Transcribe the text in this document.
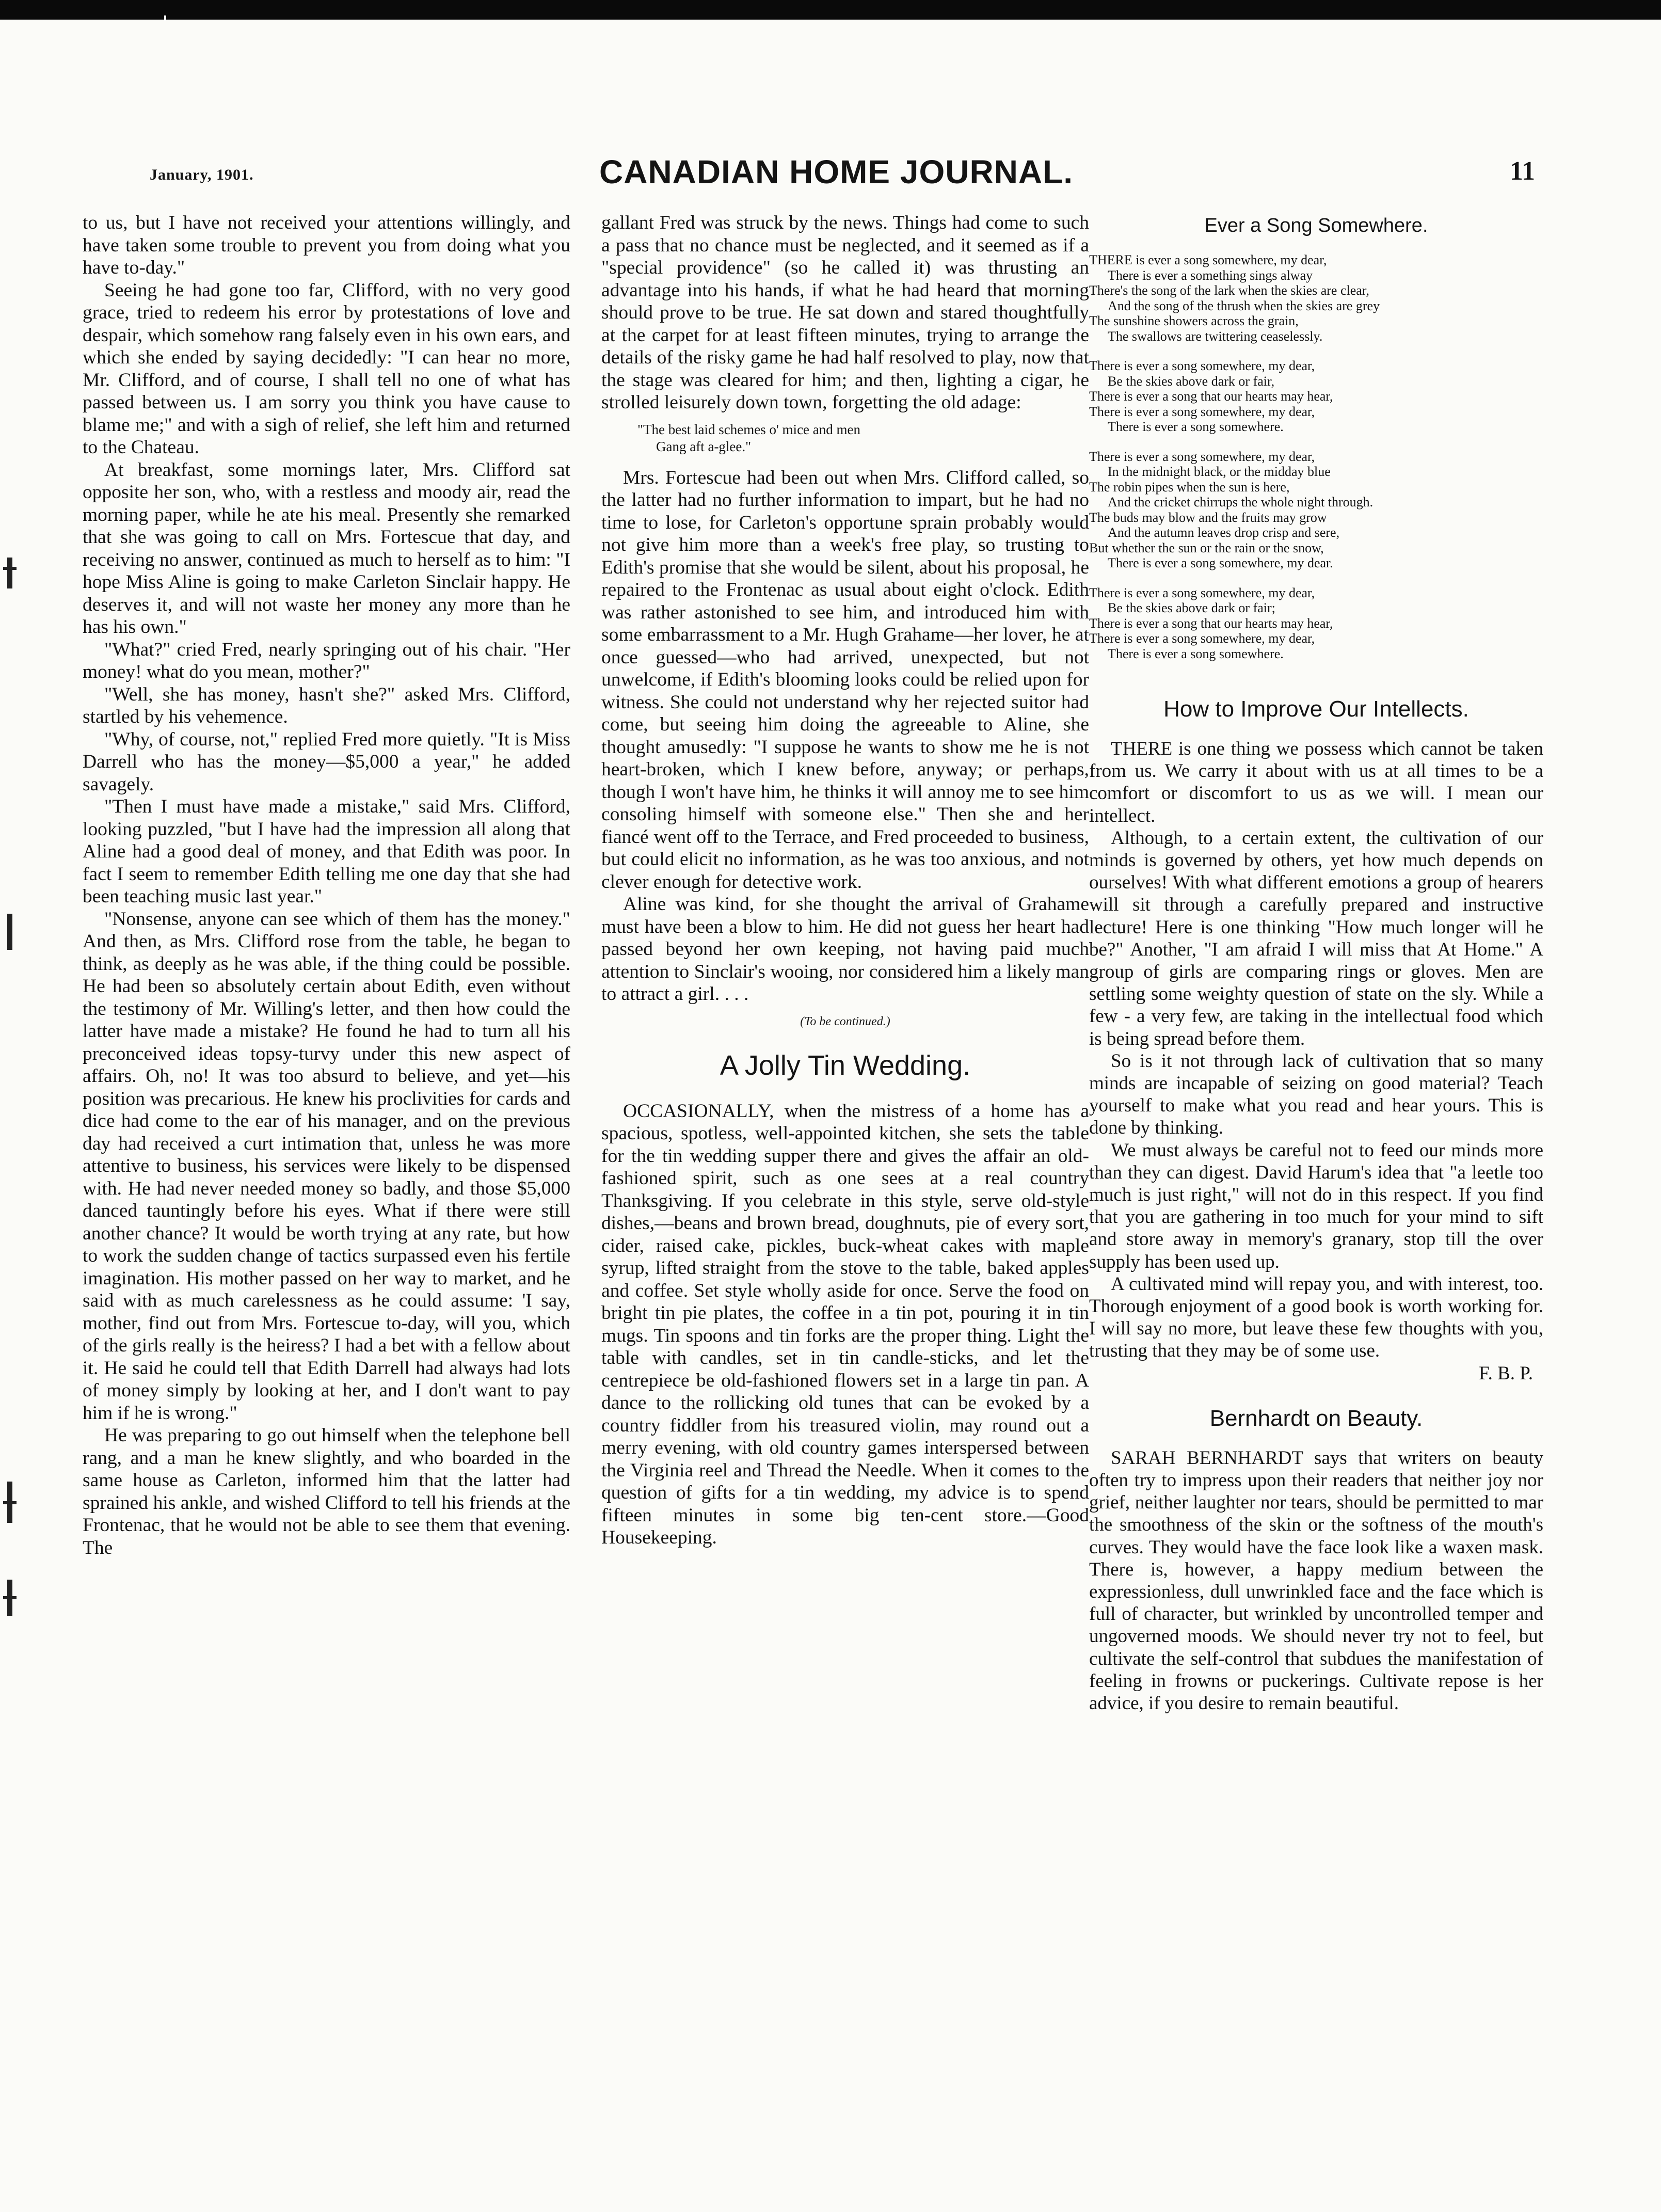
January, 1901.	CANADIAN HOME JOURNAL.	11

to us, but I have not received your attentions willingly, and have taken some trouble to prevent you from doing what you have to-day."

Seeing he had gone too far, Clifford, with no very good grace, tried to redeem his error by protestations of love and despair, which somehow rang falsely even in his own ears, and which she ended by saying decidedly: "I can hear no more, Mr. Clifford, and of course, I shall tell no one of what has passed between us. I am sorry you think you have cause to blame me;" and with a sigh of relief, she left him and returned to the Chateau.

At breakfast, some mornings later, Mrs. Clifford sat opposite her son, who, with a restless and moody air, read the morning paper, while he ate his meal. Presently she remarked that she was going to call on Mrs. Fortescue that day, and receiving no answer, continued as much to herself as to him: "I hope Miss Aline is going to make Carleton Sinclair happy. He deserves it, and will not waste her money any more than he has his own."

"What?" cried Fred, nearly springing out of his chair. "Her money! what do you mean, mother?"

"Well, she has money, hasn't she?" asked Mrs. Clifford, startled by his vehemence.

"Why, of course, not," replied Fred more quietly. "It is Miss Darrell who has the money—$5,000 a year," he added savagely.

"Then I must have made a mistake," said Mrs. Clifford, looking puzzled, "but I have had the impression all along that Aline had a good deal of money, and that Edith was poor. In fact I seem to remember Edith telling me one day that she had been teaching music last year."

"Nonsense, anyone can see which of them has the money." And then, as Mrs. Clifford rose from the table, he began to think, as deeply as he was able, if the thing could be possible. He had been so absolutely certain about Edith, even without the testimony of Mr. Willing's letter, and then how could the latter have made a mistake? He found he had to turn all his preconceived ideas topsy-turvy under this new aspect of affairs. Oh, no! It was too absurd to believe, and yet—his position was precarious. He knew his proclivities for cards and dice had come to the ear of his manager, and on the previous day had received a curt intimation that, unless he was more attentive to business, his services were likely to be dispensed with. He had never needed money so badly, and those $5,000 danced tauntingly before his eyes. What if there were still another chance? It would be worth trying at any rate, but how to work the sudden change of tactics surpassed even his fertile imagination. His mother passed on her way to market, and he said with as much carelessness as he could assume: 'I say, mother, find out from Mrs. Fortescue to-day, will you, which of the girls really is the heiress? I had a bet with a fellow about it. He said he could tell that Edith Darrell had always had lots of money simply by looking at her, and I don't want to pay him if he is wrong."

He was preparing to go out himself when the telephone bell rang, and a man he knew slightly, and who boarded in the same house as Carleton, informed him that the latter had sprained his ankle, and wished Clifford to tell his friends at the Frontenac, that he would not be able to see them that evening. The

gallant Fred was struck by the news. Things had come to such a pass that no chance must be neglected, and it seemed as if a "special providence" (so he called it) was thrusting an advantage into his hands, if what he had heard that morning should prove to be true. He sat down and stared thoughtfully at the carpet for at least fifteen minutes, trying to arrange the details of the risky game he had half resolved to play, now that the stage was cleared for him; and then, lighting a cigar, he strolled leisurely down town, forgetting the old adage:

"The best laid schemes o' mice and men
Gang aft a-glee."

Mrs. Fortescue had been out when Mrs. Clifford called, so the latter had no further information to impart, but he had no time to lose, for Carleton's opportune sprain probably would not give him more than a week's free play, so trusting to Edith's promise that she would be silent, about his proposal, he repaired to the Frontenac as usual about eight o'clock. Edith was rather astonished to see him, and introduced him with some embarrassment to a Mr. Hugh Grahame—her lover, he at once guessed—who had arrived, unexpected, but not unwelcome, if Edith's blooming looks could be relied upon for witness. She could not understand why her rejected suitor had come, but seeing him doing the agreeable to Aline, she thought amusedly: "I suppose he wants to show me he is not heart-broken, which I knew before, anyway; or perhaps, though I won't have him, he thinks it will annoy me to see him consoling himself with someone else." Then she and her fiancé went off to the Terrace, and Fred proceeded to business, but could elicit no information, as he was too anxious, and not clever enough for detective work.

Aline was kind, for she thought the arrival of Grahame must have been a blow to him. He did not guess her heart had passed beyond her own keeping, not having paid much attention to Sinclair's wooing, nor considered him a likely man to attract a girl. . . .

(To be continued.)
A Jolly Tin Wedding.

OCCASIONALLY, when the mistress of a home has a spacious, spotless, well-appointed kitchen, she sets the table for the tin wedding supper there and gives the affair an old-fashioned spirit, such as one sees at a real country Thanksgiving. If you celebrate in this style, serve old-style dishes,—beans and brown bread, doughnuts, pie of every sort, cider, raised cake, pickles, buck-wheat cakes with maple syrup, lifted straight from the stove to the table, baked apples and coffee. Set style wholly aside for once. Serve the food on bright tin pie plates, the coffee in a tin pot, pouring it in tin mugs. Tin spoons and tin forks are the proper thing. Light the table with candles, set in tin candle-sticks, and let the centrepiece be old-fashioned flowers set in a large tin pan. A dance to the rollicking old tunes that can be evoked by a country fiddler from his treasured violin, may round out a merry evening, with old country games interspersed between the Virginia reel and Thread the Needle. When it comes to the question of gifts for a tin wedding, my advice is to spend fifteen minutes in some big ten-cent store.—Good Housekeeping.

Ever a Song Somewhere.
THERE is ever a song somewhere, my dear,
There is ever a something sings alway
There's the song of the lark when the skies are clear,
And the song of the thrush when the skies are grey
The sunshine showers across the grain,
The swallows are twittering ceaselessly.
There is ever a song somewhere, my dear,
Be the skies above dark or fair,
There is ever a song that our hearts may hear,
There is ever a song somewhere, my dear,
There is ever a song somewhere.
There is ever a song somewhere, my dear,
In the midnight black, or the midday blue
The robin pipes when the sun is here,
And the cricket chirrups the whole night through.
The buds may blow and the fruits may grow
And the autumn leaves drop crisp and sere,
But whether the sun or the rain or the snow,
There is ever a song somewhere, my dear.
There is ever a song somewhere, my dear,
Be the skies above dark or fair;
There is ever a song that our hearts may hear,
There is ever a song somewhere, my dear,
There is ever a song somewhere.
How to Improve Our Intellects.

THERE is one thing we possess which cannot be taken from us. We carry it about with us at all times to be a comfort or discomfort to us as we will. I mean our intellect.

Although, to a certain extent, the cultivation of our minds is governed by others, yet how much depends on ourselves! With what different emotions a group of hearers will sit through a carefully prepared and instructive lecture! Here is one thinking "How much longer will he be?" Another, "I am afraid I will miss that At Home." A group of girls are comparing rings or gloves. Men are settling some weighty question of state on the sly. While a few - a very few, are taking in the intellectual food which is being spread before them.

So is it not through lack of cultivation that so many minds are incapable of seizing on good material? Teach yourself to make what you read and hear yours. This is done by thinking.

We must always be careful not to feed our minds more than they can digest. David Harum's idea that "a leetle too much is just right," will not do in this respect. If you find that you are gathering in too much for your mind to sift and store away in memory's granary, stop till the over supply has been used up.

A cultivated mind will repay you, and with interest, too. Thorough enjoyment of a good book is worth working for. I will say no more, but leave these few thoughts with you, trusting that they may be of some use.

F. B. P.
Bernhardt on Beauty.

SARAH BERNHARDT says that writers on beauty often try to impress upon their readers that neither joy nor grief, neither laughter nor tears, should be permitted to mar the smoothness of the skin or the softness of the mouth's curves. They would have the face look like a waxen mask. There is, however, a happy medium between the expressionless, dull unwrinkled face and the face which is full of character, but wrinkled by uncontrolled temper and ungoverned moods. We should never try not to feel, but cultivate the self-control that subdues the manifestation of feeling in frowns or puckerings. Cultivate repose is her advice, if you desire to remain beautiful.
